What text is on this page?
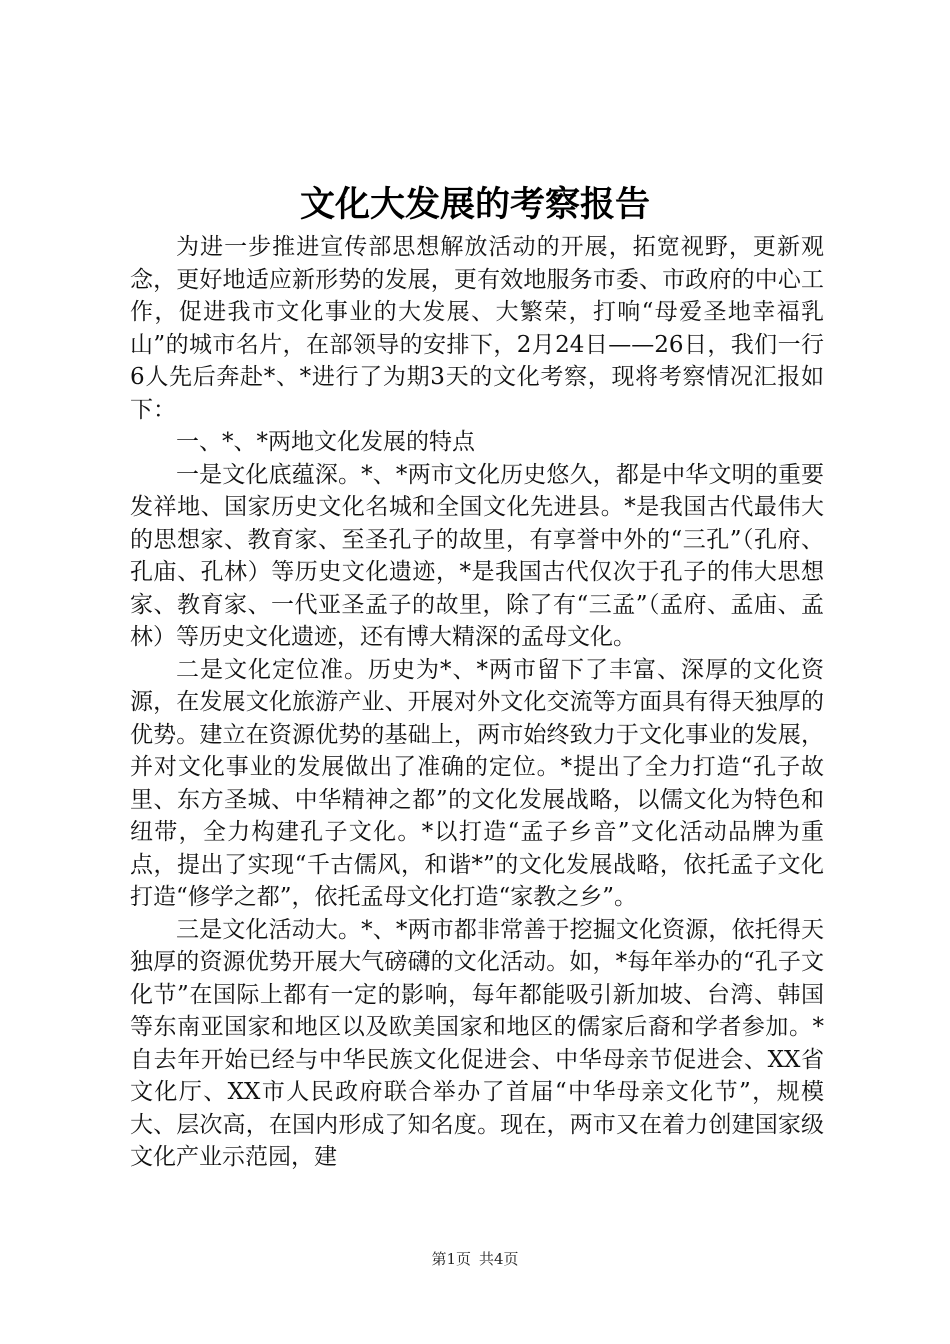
文化大发展的考察报告

为进一步推进宣传部思想解放活动的开展，拓宽视野，更新观念，更好地适应新形势的发展，更有效地服务市委、市政府的中心工作，促进我市文化事业的大发展、大繁荣，打响“母爱圣地幸福乳山”的城市名片，在部领导的安排下，2月24日——26日，我们一行6人先后奔赴*、*进行了为期3天的文化考察，现将考察情况汇报如下：

一、*、*两地文化发展的特点

一是文化底蕴深。*、*两市文化历史悠久，都是中华文明的重要发祥地、国家历史文化名城和全国文化先进县。*是我国古代最伟大的思想家、教育家、至圣孔子的故里，有享誉中外的“三孔”（孔府、孔庙、孔林）等历史文化遗迹，*是我国古代仅次于孔子的伟大思想家、教育家、一代亚圣孟子的故里，除了有“三孟”（孟府、孟庙、孟林）等历史文化遗迹，还有博大精深的孟母文化。

二是文化定位准。历史为*、*两市留下了丰富、深厚的文化资源，在发展文化旅游产业、开展对外文化交流等方面具有得天独厚的优势。建立在资源优势的基础上，两市始终致力于文化事业的发展，并对文化事业的发展做出了准确的定位。*提出了全力打造“孔子故里、东方圣城、中华精神之都”的文化发展战略，以儒文化为特色和纽带，全力构建孔子文化。*以打造“孟子乡音”文化活动品牌为重点，提出了实现“千古儒风，和谐*”的文化发展战略，依托孟子文化打造“修学之都”，依托孟母文化打造“家教之乡”。

三是文化活动大。*、*两市都非常善于挖掘文化资源，依托得天独厚的资源优势开展大气磅礴的文化活动。如，*每年举办的“孔子文化节”在国际上都有一定的影响，每年都能吸引新加坡、台湾、韩国等东南亚国家和地区以及欧美国家和地区的儒家后裔和学者参加。*自去年开始已经与中华民族文化促进会、中华母亲节促进会、XX省文化厅、XX市人民政府联合举办了首届“中华母亲文化节”，规模大、层次高，在国内形成了知名度。现在，两市又在着力创建国家级文化产业示范园，建

第1页 共4页
